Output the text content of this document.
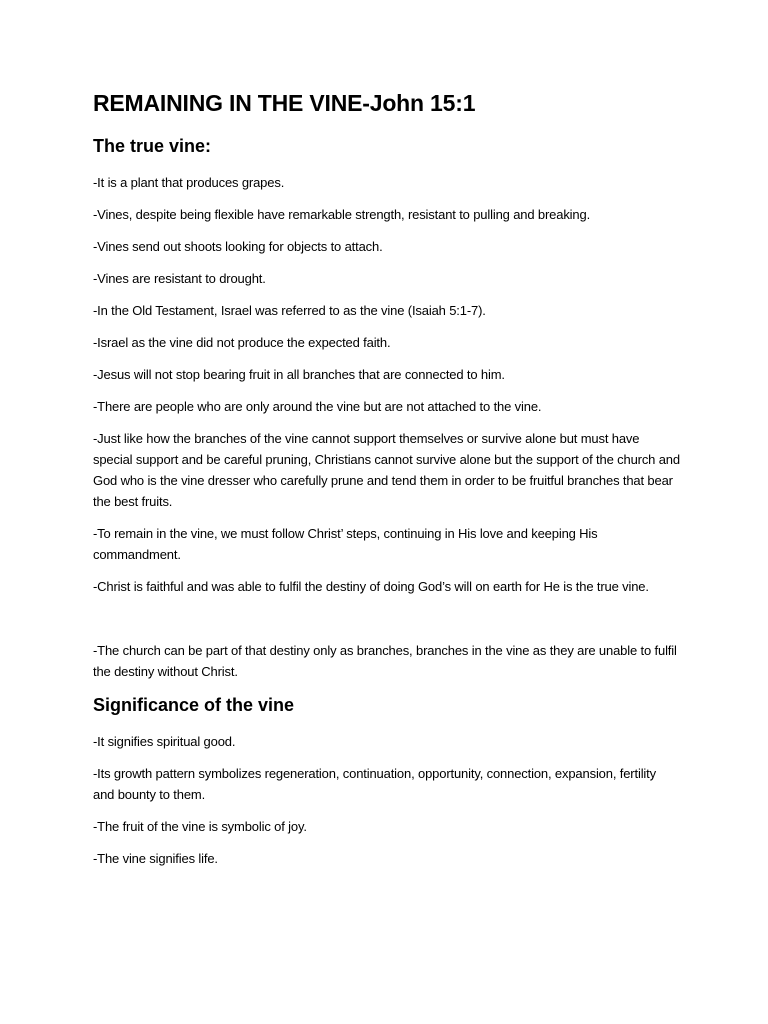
REMAINING IN THE VINE-John 15:1
The true vine:

-It is a plant that produces grapes.

-Vines, despite being flexible have remarkable strength, resistant to pulling and breaking.

-Vines send out shoots looking for objects to attach.

-Vines are resistant to drought.

-In the Old Testament, Israel was referred to as the vine (Isaiah 5:1-7).

-Israel as the vine did not produce the expected faith.

-Jesus will not stop bearing fruit in all branches that are connected to him.

-There are people who are only around the vine but are not attached to the vine.

-Just like how the branches of the vine cannot support themselves or survive alone but must have special support and be careful pruning, Christians cannot survive alone but the support of the church and God who is the vine dresser who carefully prune and tend them in order to be fruitful branches that bear the best fruits.

-To remain in the vine, we must follow Christ’ steps, continuing in His love and keeping His commandment.

-Christ is faithful and was able to fulfil the destiny of doing God’s will on earth for He is the true vine.

-The church can be part of that destiny only as branches, branches in the vine as they are unable to fulfil the destiny without Christ.

Significance of the vine

-It signifies spiritual good.

-Its growth pattern symbolizes regeneration, continuation, opportunity, connection, expansion, fertility and bounty to them.

-The fruit of the vine is symbolic of joy.

-The vine signifies life.
